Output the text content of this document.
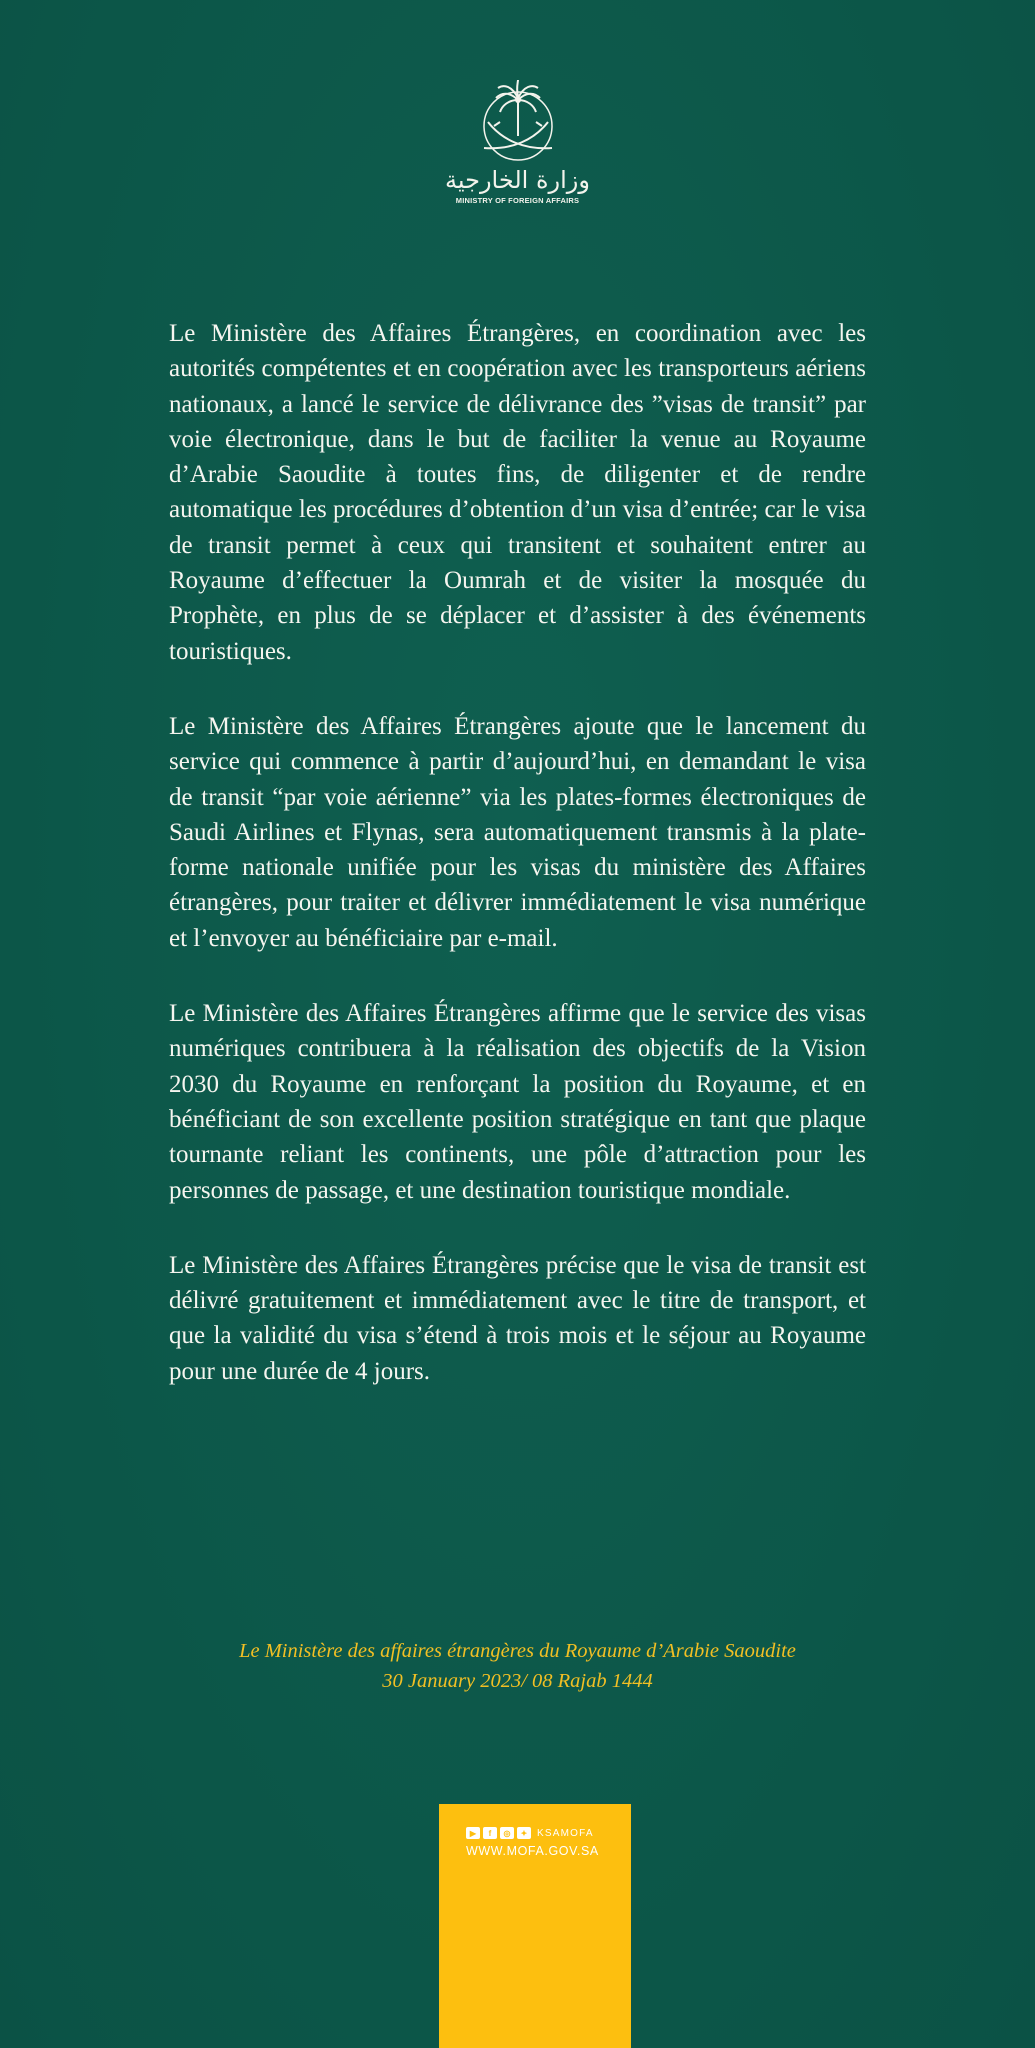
وزارة الخارجية
MINISTRY OF FOREIGN AFFAIRS

Le Ministère des Affaires Étrangères, en coordination avec les autorités compétentes et en coopération avec les transporteurs aériens nationaux, a lancé le service de délivrance des ”visas de transit” par voie électronique, dans le but de faciliter la venue au Royaume d’Arabie Saoudite à toutes fins, de diligenter et de rendre automatique les procédures d’obtention d’un visa d’entrée; car le visa de transit permet à ceux qui transitent et souhaitent entrer au Royaume d’effectuer la Oumrah et de visiter la mosquée du Prophète, en plus de se déplacer et d’assister à des événements touristiques.

Le Ministère des Affaires Étrangères ajoute que le lancement du service qui commence à partir d’aujourd’hui, en demandant le visa de transit “par voie aérienne” via les plates-formes électroniques de Saudi Airlines et Flynas, sera automatiquement transmis à la plate-forme nationale unifiée pour les visas du ministère des Affaires étrangères, pour traiter et délivrer immédiatement le visa numérique et l’envoyer au bénéficiaire par e-mail.

Le Ministère des Affaires Étrangères affirme que le service des visas numériques contribuera à la réalisation des objectifs de la Vision 2030 du Royaume en renforçant la position du Royaume, et en bénéficiant de son excellente position stratégique en tant que plaque tournante reliant les continents, une pôle d’attraction pour les personnes de passage, et une destination touristique mondiale.

Le Ministère des Affaires Étrangères précise que le visa de transit est délivré gratuitement et immédiatement avec le titre de transport, et que la validité du visa s’étend à trois mois et le séjour au Royaume pour une durée de 4 jours.

Le Ministère des affaires étrangères du Royaume d’Arabie Saoudite
30 January 2023/ 08 Rajab 1444
▶	f	◎	✦ KSAMOFA
WWW.MOFA.GOV.SA
